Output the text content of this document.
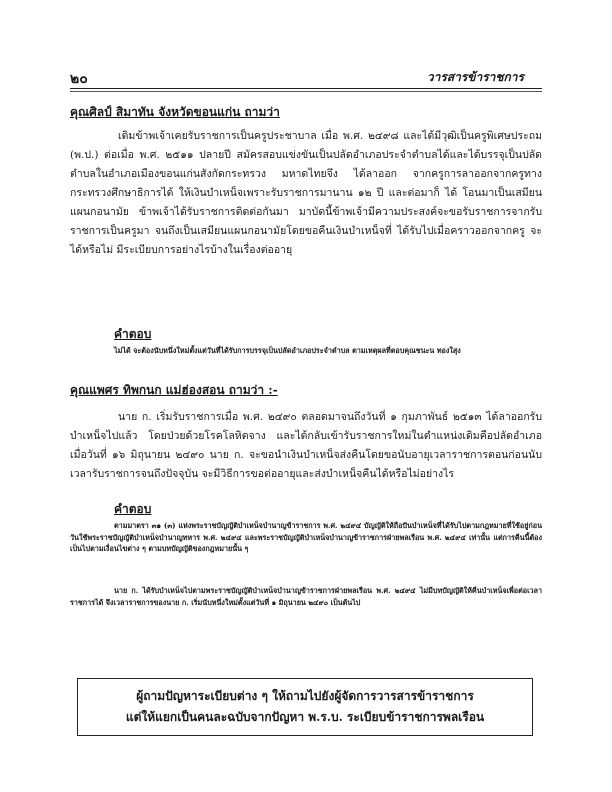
๒๐	วารสารข้าราชการ
คุณศิลป์ สิมาทัน จังหวัดขอนแก่น ถามว่า

เดิมข้าพเจ้าเคยรับราชการเป็นครูประชาบาล เมื่อ พ.ศ. ๒๔๙๘ และได้มีวุฒิเป็นครูพิเศษประถม (พ.ป.) ต่อเมื่อ พ.ศ. ๒๕๑๑ ปลายปี สมัครสอบแข่งขันเป็นปลัดอำเภอประจำตำบลได้และได้บรรจุเป็นปลัดตำบลในอำเภอเมืองขอนแก่นสังกัดกระทรวง มหาดไทยจึง ได้ลาออก จากครูการลาออกจากครูทางกระทรวงศึกษาธิการได้ ให้เงินบำเหน็จเพราะรับราชการมานาน ๑๒ ปี และต่อมาก็ ได้ โอนมาเป็นเสมียนแผนกอนามัย ข้าพเจ้าได้รับราชการติดต่อกันมา มาบัดนี้ข้าพเจ้ามีความประสงค์จะขอรับราชการจากรับราชการเป็นครูมา จนถึงเป็นเสมียนแผนกอนามัยโดยขอคืนเงินบำเหน็จที่ ได้รับไปเมื่อคราวออกจากครู จะได้หรือไม่ มีระเบียบการอย่างไรบ้างในเรื่องต่ออายุ

คำตอบ

ไม่ได้ จะต้องนับหนึ่งใหม่ตั้งแต่วันที่ได้รับการบรรจุเป็นปลัดอำเภอประจำตำบล ตามเหตุผลที่ตอบคุณชนะน ทองใสุง

คุณแพศร ทิพกนก แม่ฮ่องสอน ถามว่า :-

นาย ก. เริ่มรับราชการเมื่อ พ.ศ. ๒๔๙๐ ตลอดมาจนถึงวันที่ ๑ กุมภาพันธ์ ๒๕๑๓ ได้ลาออกรับบำเหน็จไปแล้ว โดยป่วยด้วยโรคโลหิตจาง และได้กลับเข้ารับราชการใหม่ในตำแหน่งเดิมคือปลัดอำเภอเมื่อวันที่ ๑๖ มิถุนายน ๒๔๙๐ นาย ก. จะขอนำเงินบำเหน็จส่งคืนโดยขอนับอายุเวลาราชการตอนก่อนนับเวลารับราชการจนถึงปัจจุบัน จะมีวิธีการขอต่ออายุและส่งบำเหน็จคืนได้หรือไม่อย่างไร

คำตอบ

ตามมาตรา ๓๑ (๓) แห่งพระราชบัญญัติบำเหน็จบำนาญข้าราชการ พ.ศ. ๒๔๙๔ บัญญัติให้ถือปันบำเหน็จที่ได้รับไปตามกฎหมายที่ใช้อยู่ก่อนวันใช้พระราชบัญญัติบำเหน็จบำนาญทหาร พ.ศ. ๒๔๙๔ และพระราชบัญญัติบำเหน็จบำนาญข้าราชการฝ่ายพลเรือน พ.ศ. ๒๔๙๔ เท่านั้น แต่การคืนนี้ต้องเป็นไปตามเงื่อนไขต่าง ๆ ตามบทบัญญัติของกฎหมายนั้น ๆ

นาย ก. ได้รับบำเหน็จไปตามพระราชบัญญัติบำเหน็จบำนาญข้าราชการฝ่ายพลเรือน พ.ศ. ๒๔๙๔ ไม่มีบทบัญญัติให้คืนบำเหน็จเพื่อต่อเวลาราชการได้ จึงเวลาราชการของนาย ก. เริ่มนับหนึ่งใหม่ตั้งแต่วันที่ ๑ มิถุนายน ๒๔๙๐ เป็นต้นไป

ผู้ถามปัญหาระเบียบต่าง ๆ ให้ถามไปยังผู้จัดการวารสารข้าราชการ
แต่ให้แยกเป็นคนละฉบับจากปัญหา พ.ร.บ. ระเบียบข้าราชการพลเรือน
